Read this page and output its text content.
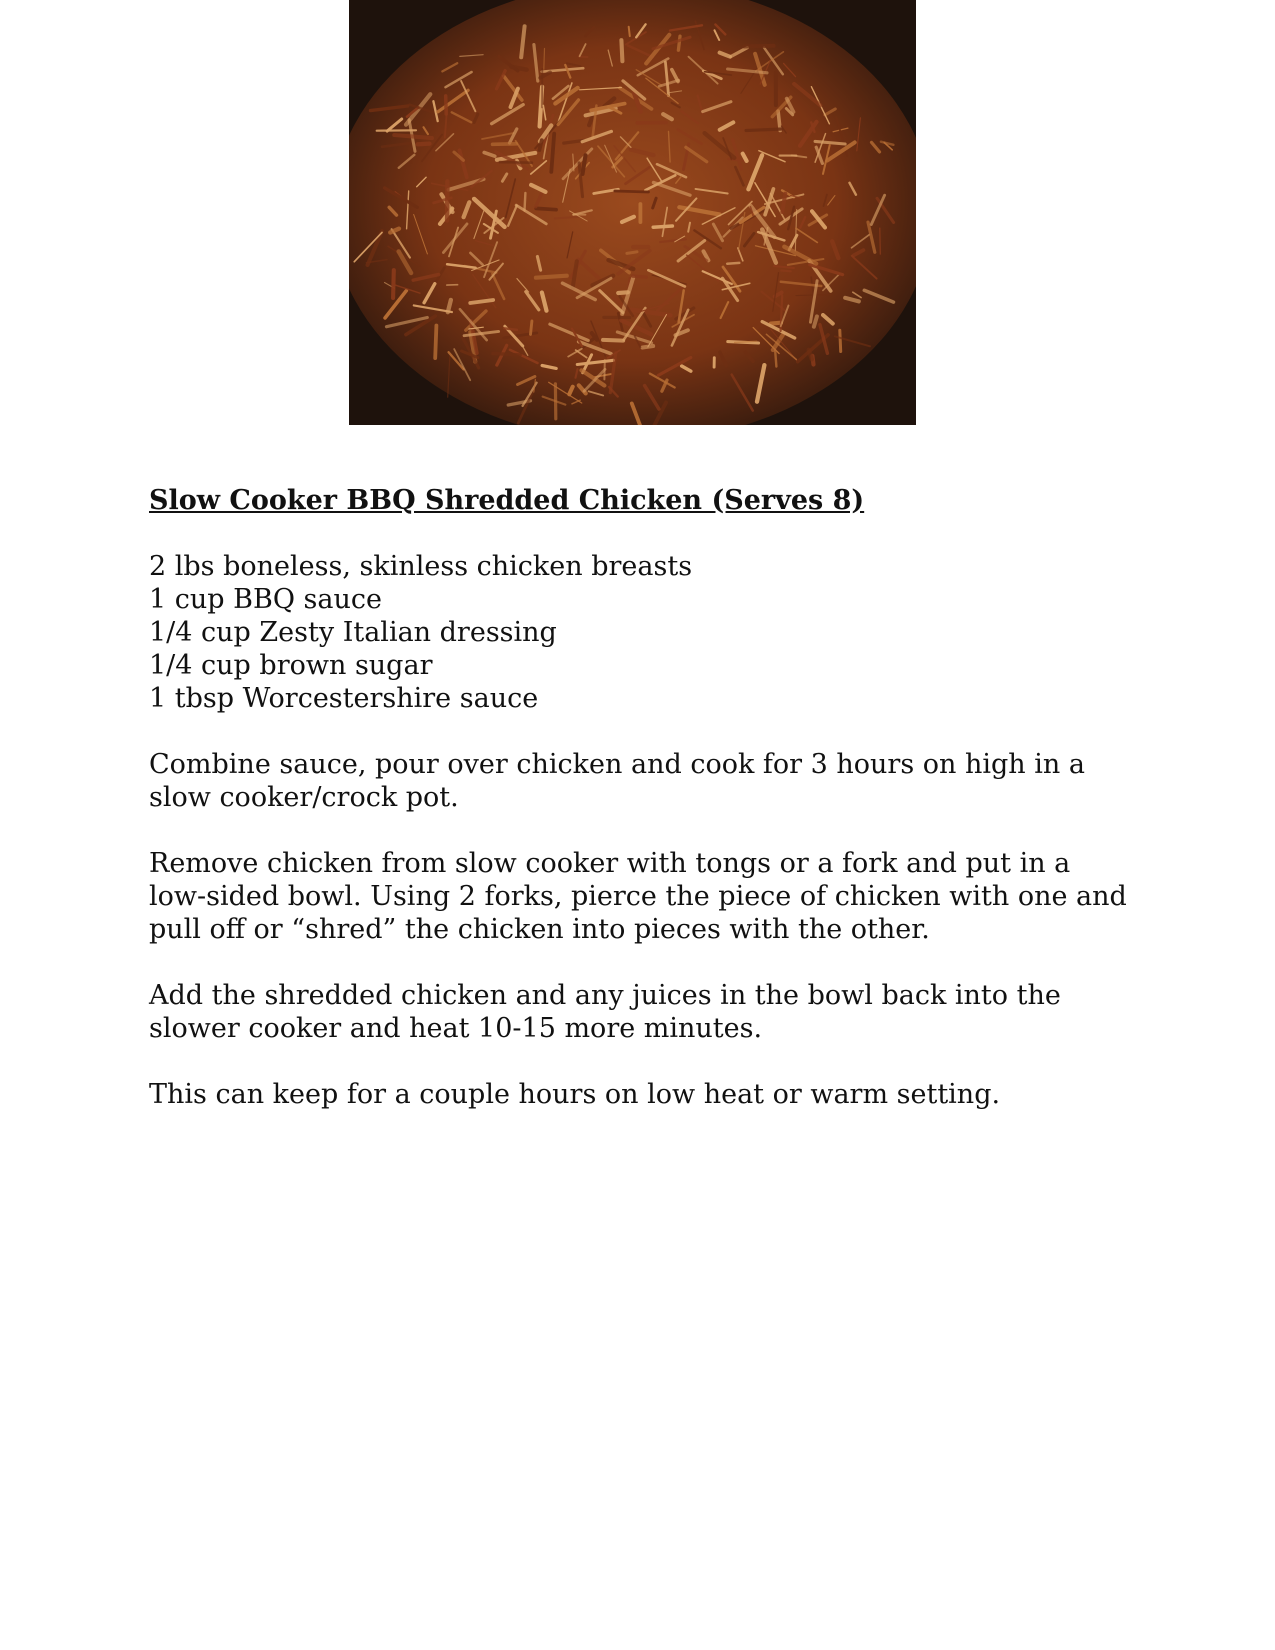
Slow Cooker BBQ Shredded Chicken (Serves 8)
2 lbs boneless, skinless chicken breasts
1 cup BBQ sauce
1/4 cup Zesty Italian dressing
1/4 cup brown sugar
1 tbsp Worcestershire sauce

Combine sauce, pour over chicken and cook for 3 hours on high in a slow cooker/crock pot.

Remove chicken from slow cooker with tongs or a fork and put in a low-sided bowl. Using 2 forks, pierce the piece of chicken with one and pull off or “shred” the chicken into pieces with the other.

Add the shredded chicken and any juices in the bowl back into the slower cooker and heat 10-15 more minutes.

This can keep for a couple hours on low heat or warm setting.
